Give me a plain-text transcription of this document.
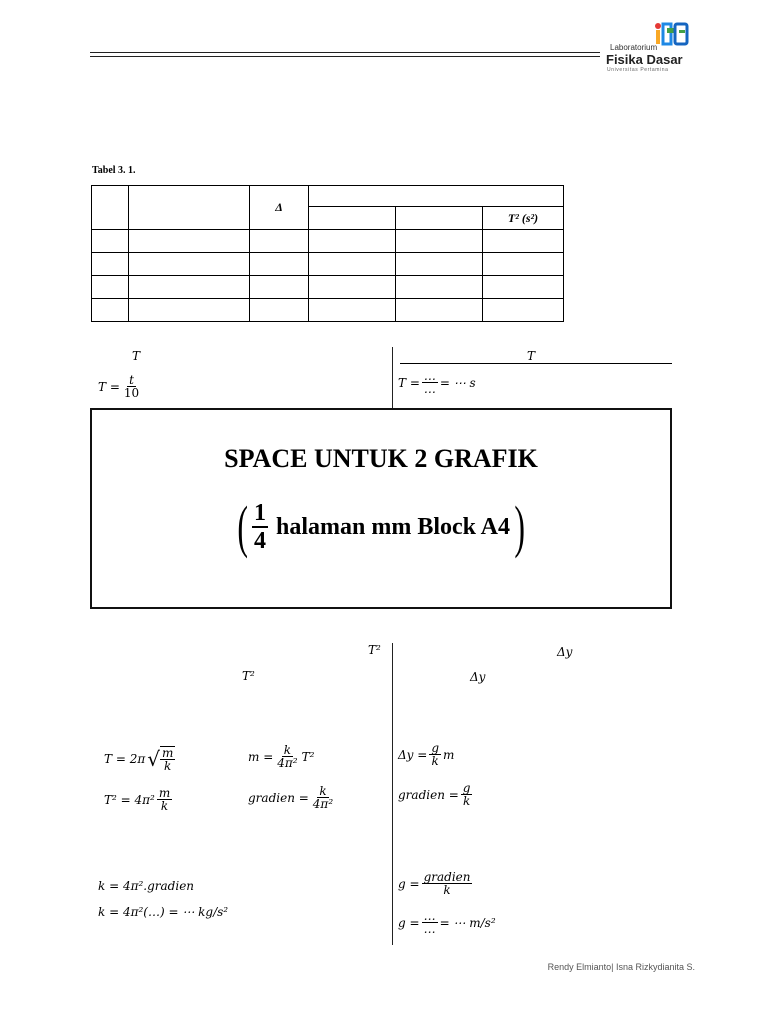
Laboratorium
Fisika Dasar
Universitas Pertamina
Tabel 3. 1.
		Δ			
					T² (s²)

T
$T = \frac{t}{10}$
T
$T = \frac{\dots}{\dots}$ = ⋯ s
SPACE UNTUK 2 GRAFIK
( $\frac{1}{4}$ halaman mm Block A4 )
T²
T²
Δy
Δy
T = 2π √ $\frac{m}{k}$
$T^2 = 4\pi^2 \frac{m}{k}$
$m = \frac{k}{\text{4π²}} T^2$
gradien = $\frac{k}{\text{4π²}}$
k = 4π².gradien
k = 4π²(…) = ⋯ kg/s²
$\Delta y = \frac{g}{k}$ m
gradien = $\frac{g}{k}$
$g = \frac{\text{gradien}}{k}$
$g = \frac{\dots}{\dots}$ = ⋯ m/s²
Rendy Elmianto| Isna Rizkydianita S.
